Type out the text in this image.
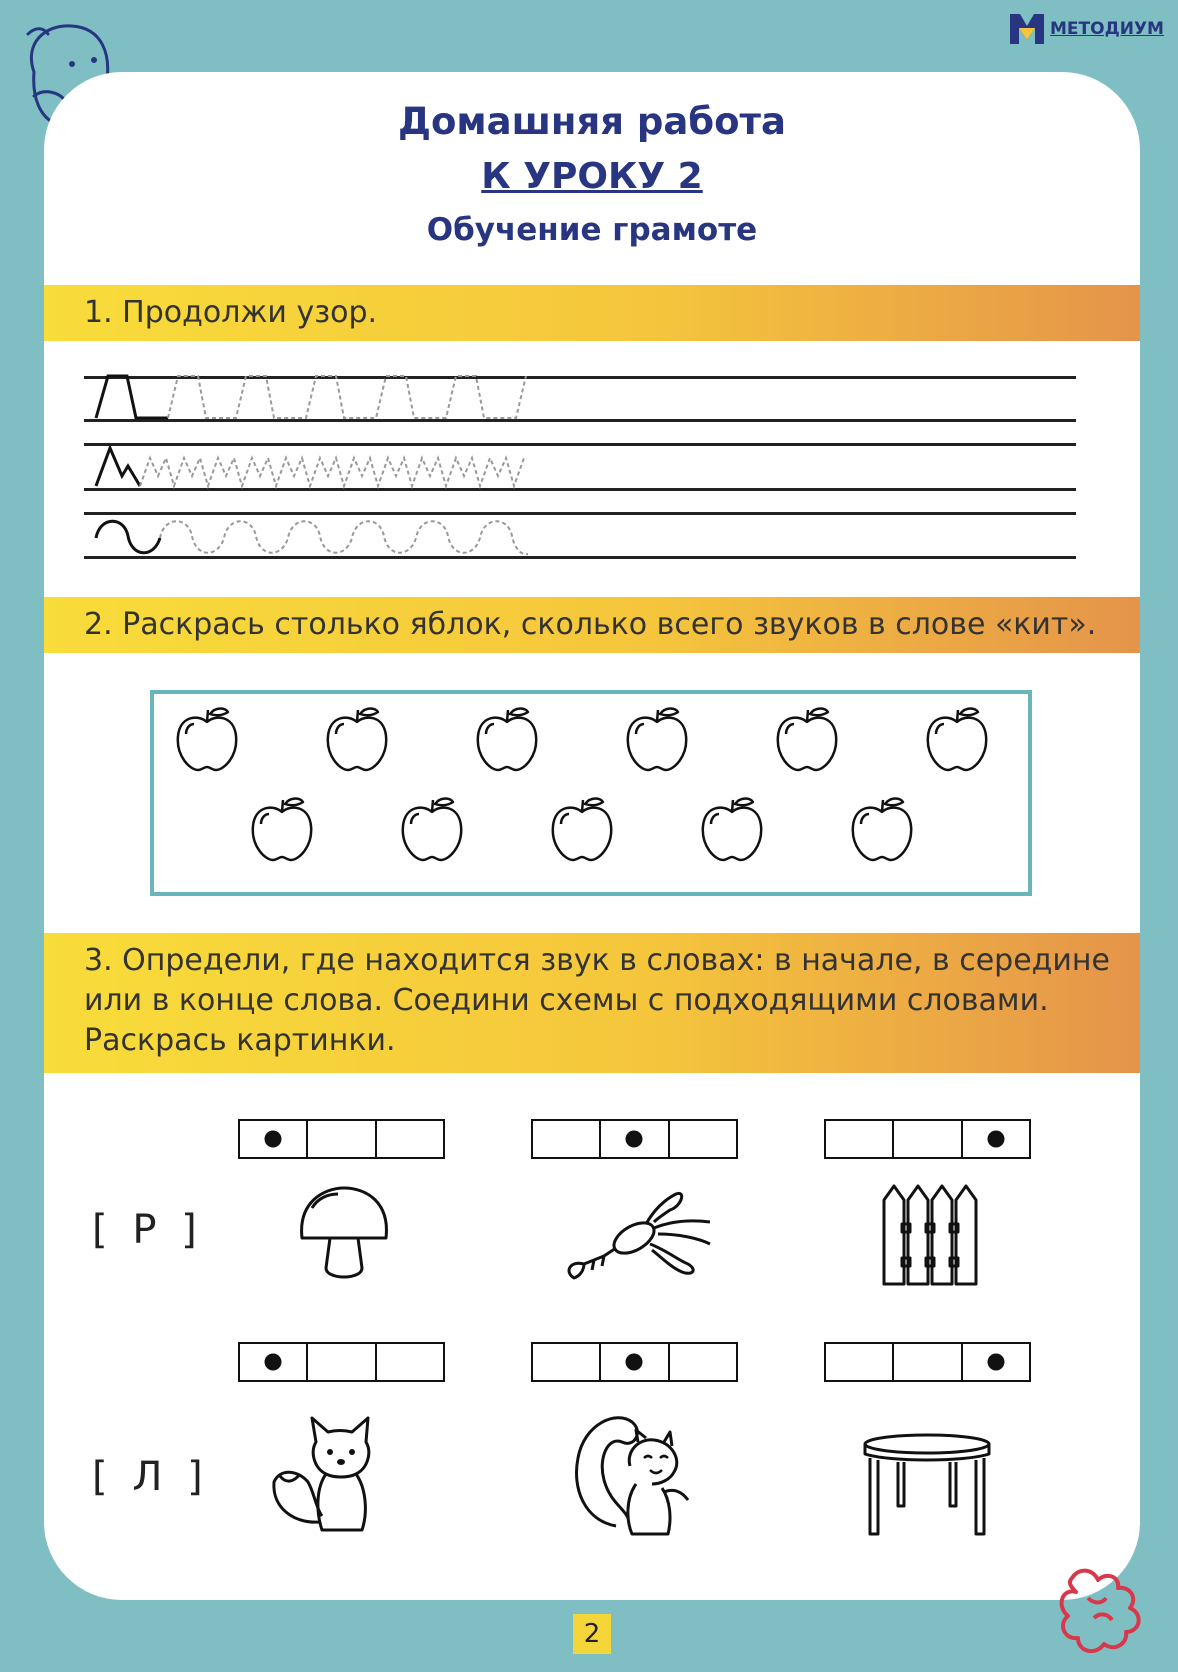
МЕТОДИУМ
Домашняя работа
К УРОКУ 2
Обучение грамоте
1. Продолжи узор.
2. Раскрась столько яблок, сколько всего звуков в слове «кит».
3. Определи, где находится звук в словах: в начале, в середине
или в конце слова. Соедини схемы с подходящими словами.
Раскрась картинки.
[ Р ]
[ Л ]
2
